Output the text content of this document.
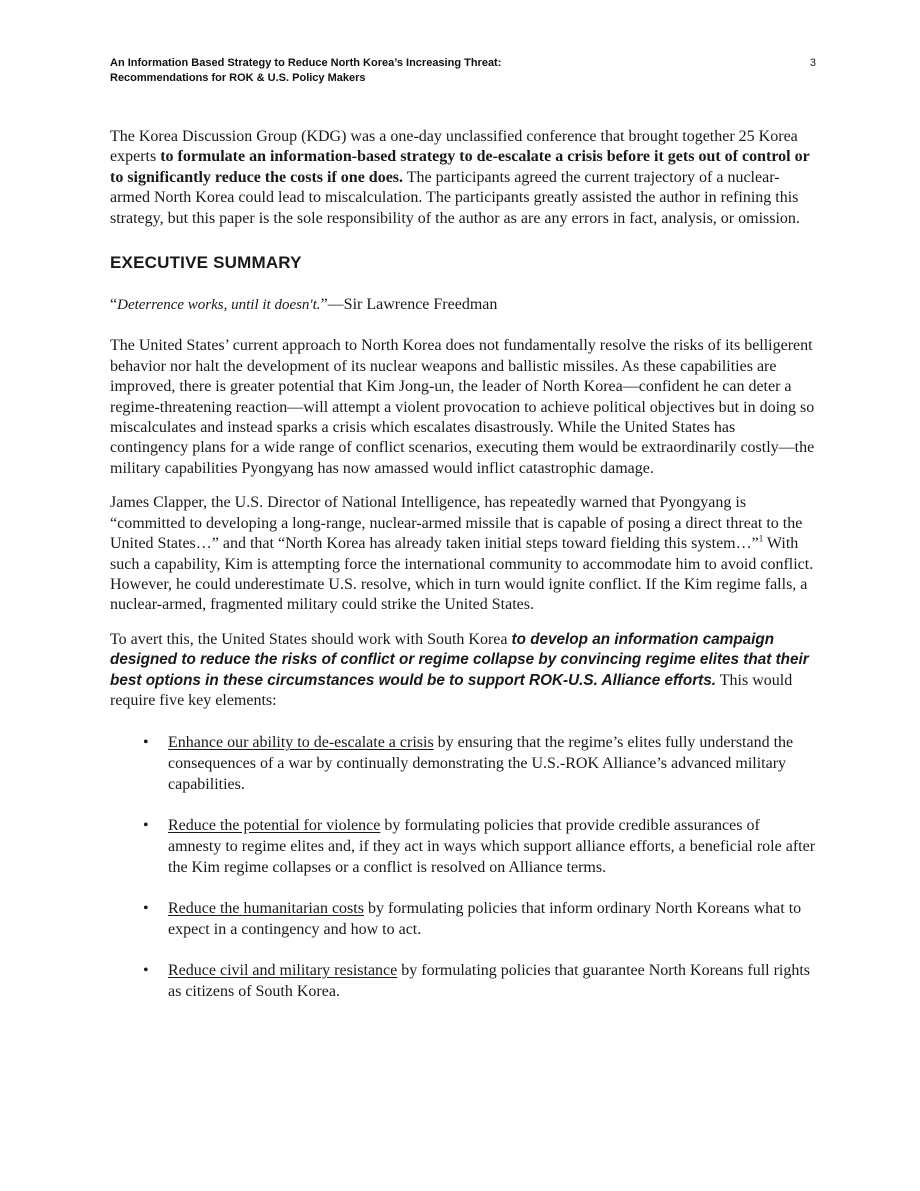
An Information Based Strategy to Reduce North Korea’s Increasing Threat:
Recommendations for ROK & U.S. Policy Makers
3

The Korea Discussion Group (KDG) was a one-day unclassified conference that brought together 25 Korea experts to formulate an information-based strategy to de-escalate a crisis before it gets out of control or to significantly reduce the costs if one does. The participants agreed the current trajectory of a nuclear-armed North Korea could lead to miscalculation. The participants greatly assisted the author in refining this strategy, but this paper is the sole responsibility of the author as are any errors in fact, analysis, or omission.

EXECUTIVE SUMMARY

“Deterrence works, until it doesn't.”—Sir Lawrence Freedman

The United States’ current approach to North Korea does not fundamentally resolve the risks of its belligerent behavior nor halt the development of its nuclear weapons and ballistic missiles. As these capabilities are improved, there is greater potential that Kim Jong-un, the leader of North Korea—confident he can deter a regime-threatening reaction—will attempt a violent provocation to achieve political objectives but in doing so miscalculates and instead sparks a crisis which escalates disastrously. While the United States has contingency plans for a wide range of conflict scenarios, executing them would be extraordinarily costly—the military capabilities Pyongyang has now amassed would inflict catastrophic damage.

James Clapper, the U.S. Director of National Intelligence, has repeatedly warned that Pyongyang is “committed to developing a long-range, nuclear-armed missile that is capable of posing a direct threat to the United States…” and that “North Korea has already taken initial steps toward fielding this system…”$^1$ With such a capability, Kim is attempting force the international community to accommodate him to avoid conflict. However, he could underestimate U.S. resolve, which in turn would ignite conflict. If the Kim regime falls, a nuclear-armed, fragmented military could strike the United States.

To avert this, the United States should work with South Korea to develop an information campaign designed to reduce the risks of conflict or regime collapse by convincing regime elites that their best options in these circumstances would be to support ROK-U.S. Alliance efforts. This would require five key elements:

• Enhance our ability to de-escalate a crisis by ensuring that the regime’s elites fully understand the consequences of a war by continually demonstrating the U.S.-ROK Alliance’s advanced military capabilities.
• Reduce the potential for violence by formulating policies that provide credible assurances of amnesty to regime elites and, if they act in ways which support alliance efforts, a beneficial role after the Kim regime collapses or a conflict is resolved on Alliance terms.
• Reduce the humanitarian costs by formulating policies that inform ordinary North Koreans what to expect in a contingency and how to act.
• Reduce civil and military resistance by formulating policies that guarantee North Koreans full rights as citizens of South Korea.
